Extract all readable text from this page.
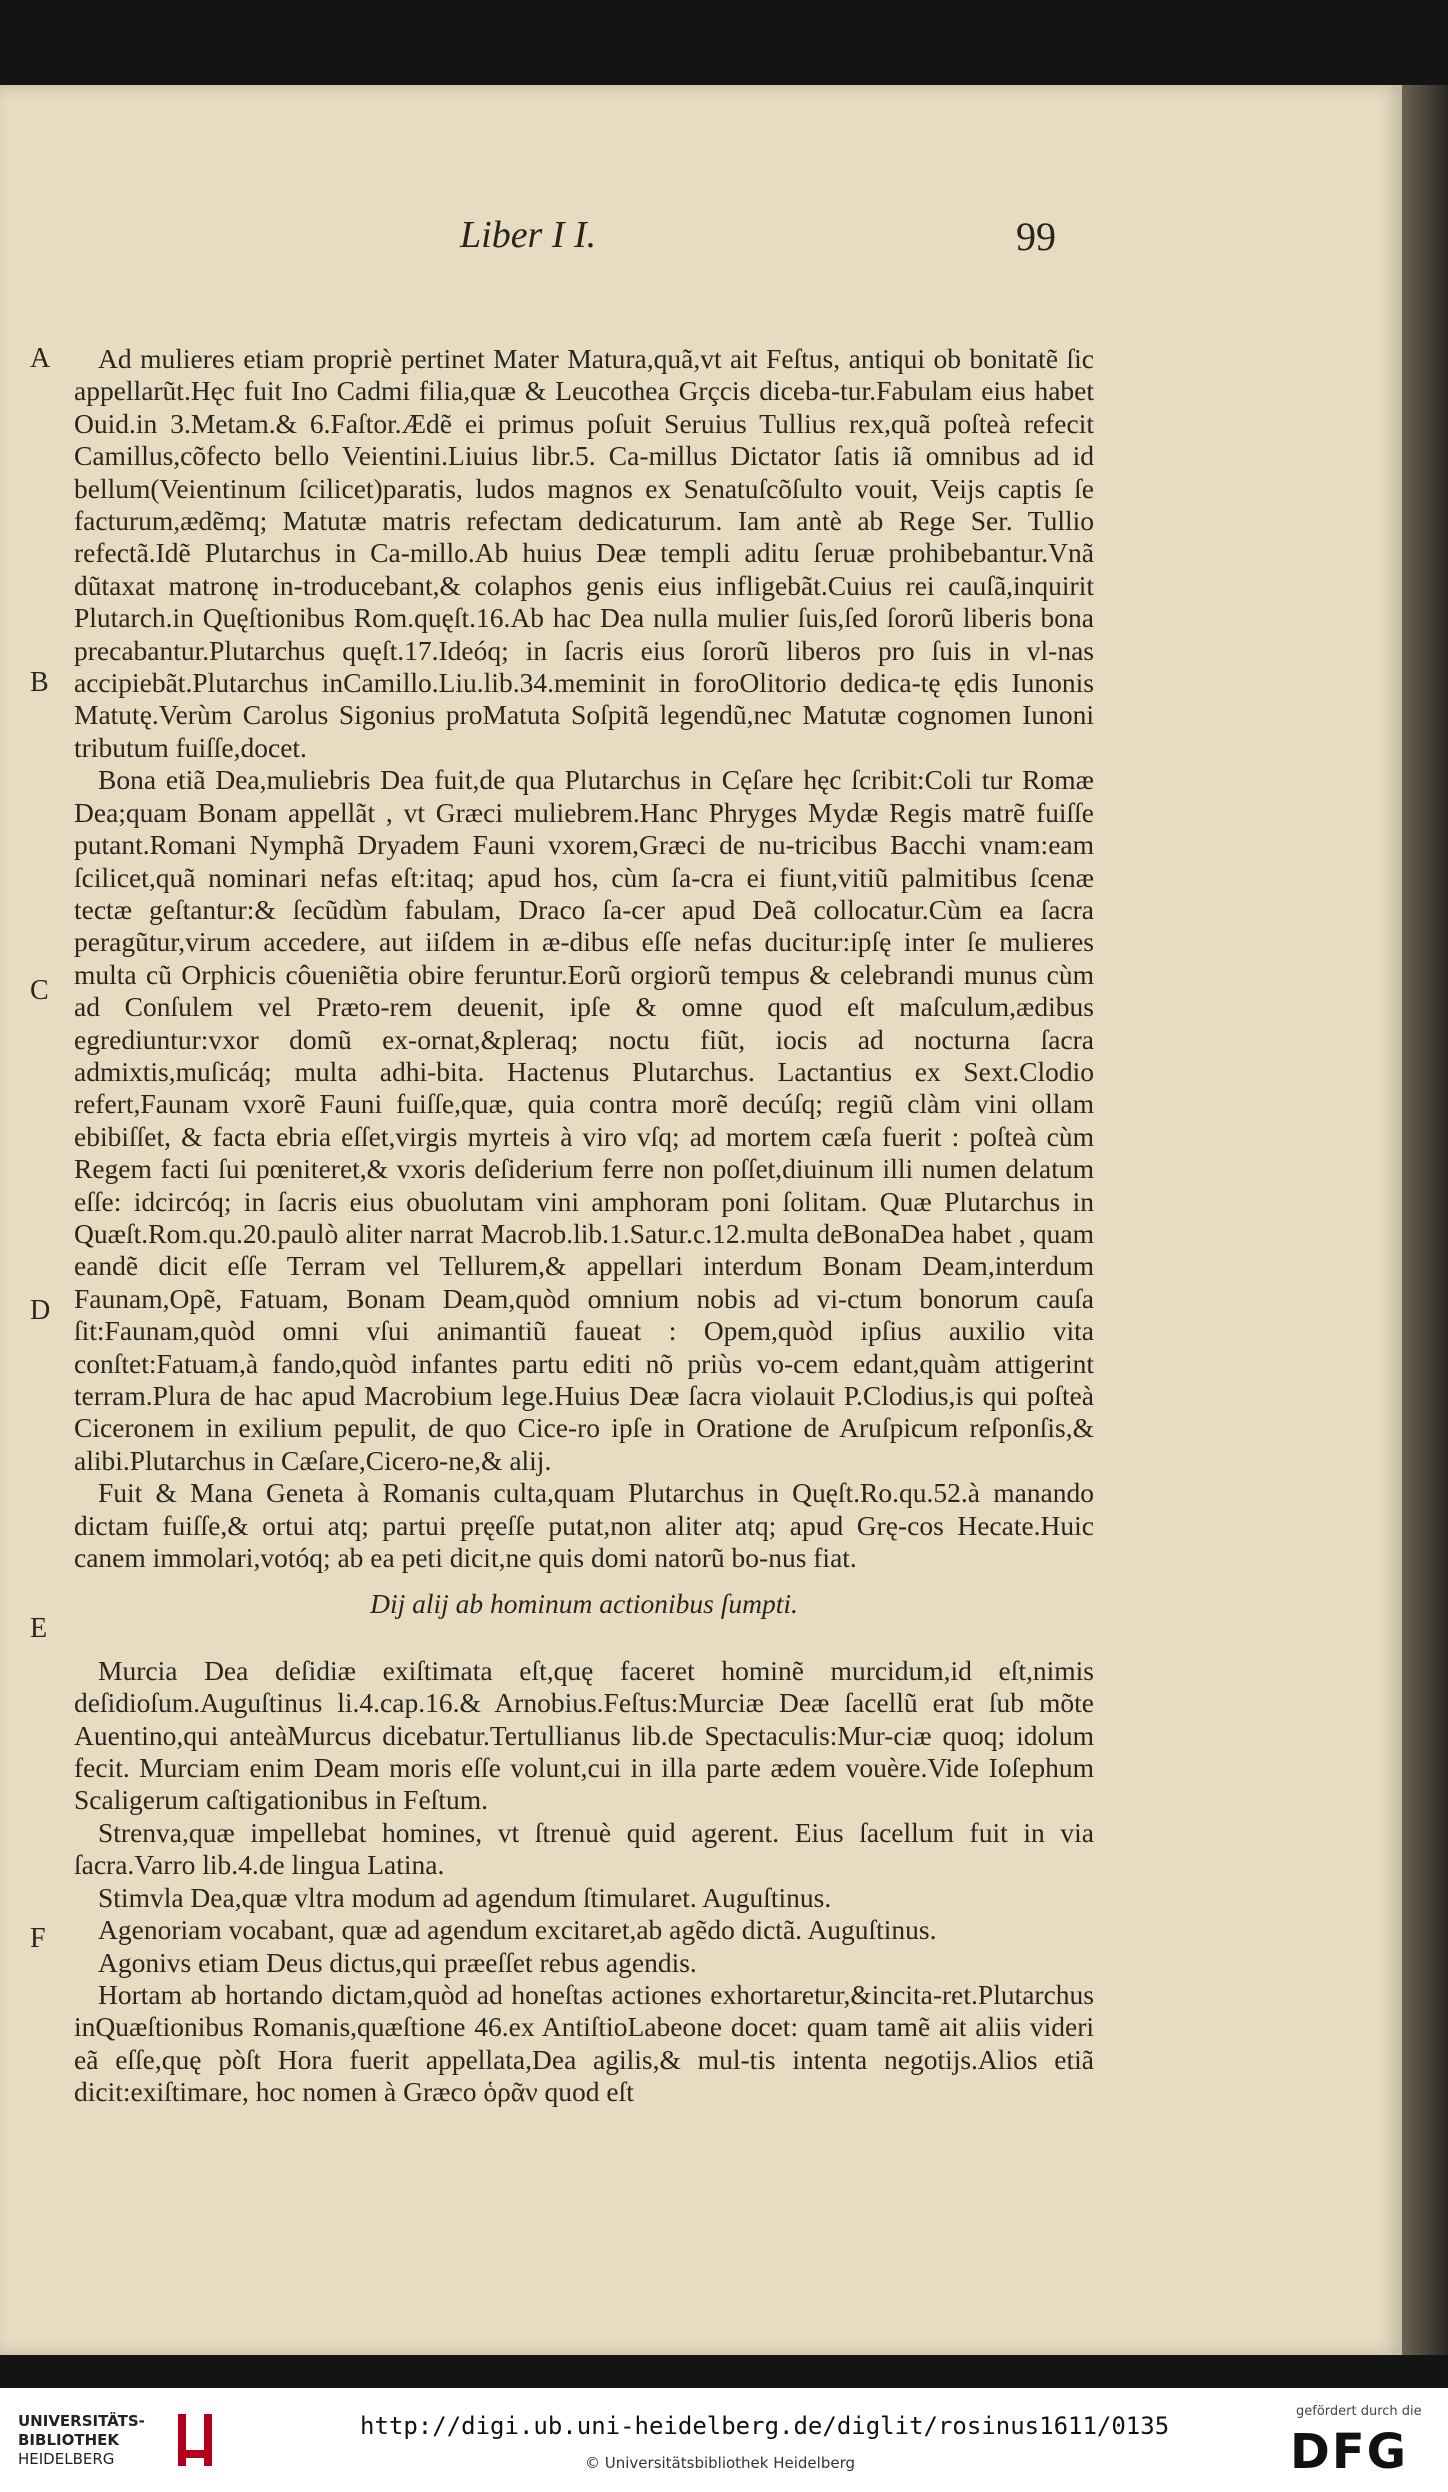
Liber I I.	99
A
B
C
D
E
F

Ad mulieres etiam propriè pertinet Mater Matura,quã,vt ait Feſtus, antiqui ob bonitatẽ ſic appellarũt.Hęc fuit Ino Cadmi filia,quæ & Leucothea Grçcis diceba-tur.Fabulam eius habet Ouid.in 3.Metam.& 6.Faſtor.Ædẽ ei primus poſuit Seruius Tullius rex,quã poſteà refecit Camillus,cõfecto bello Veientini.Liuius libr.5. Ca-millus Dictator ſatis iã omnibus ad id bellum(Veientinum ſcilicet)paratis, ludos magnos ex Senatuſcõſulto vouit, Veijs captis ſe facturum,ædẽmq; Matutæ matris refectam dedicaturum. Iam antè ab Rege Ser. Tullio refectã.Idẽ Plutarchus in Ca-millo.Ab huius Deæ templi aditu ſeruæ prohibebantur.Vnã dũtaxat matronę in-troducebant,& colaphos genis eius infligebãt.Cuius rei cauſã,inquirit Plutarch.in Quęſtionibus Rom.quęſt.16.Ab hac Dea nulla mulier ſuis,ſed ſororũ liberis bona precabantur.Plutarchus quęſt.17.Ideóq; in ſacris eius ſororũ liberos pro ſuis in vl-nas accipiebãt.Plutarchus inCamillo.Liu.lib.34.meminit in foroOlitorio dedica-tę ędis Iunonis Matutę.Verùm Carolus Sigonius proMatuta Soſpitã legendũ,nec Matutæ cognomen Iunoni tributum fuiſſe,docet.

Bona etiã Dea,muliebris Dea fuit,de qua Plutarchus in Cęſare hęc ſcribit:Coli tur Romæ Dea;quam Bonam appellãt , vt Græci muliebrem.Hanc Phryges Mydæ Regis matrẽ fuiſſe putant.Romani Nymphã Dryadem Fauni vxorem,Græci de nu-tricibus Bacchi vnam:eam ſcilicet,quã nominari nefas eſt:itaq; apud hos, cùm ſa-cra ei fiunt,vitiũ palmitibus ſcenæ tectæ geſtantur:& ſecũdùm fabulam, Draco ſa-cer apud Deã collocatur.Cùm ea ſacra peragũtur,virum accedere, aut iiſdem in æ-dibus eſſe nefas ducitur:ipſę inter ſe mulieres multa cũ Orphicis côueniẽtia obire feruntur.Eorũ orgiorũ tempus & celebrandi munus cùm ad Conſulem vel Præto-rem deuenit, ipſe & omne quod eſt maſculum,ædibus egrediuntur:vxor domũ ex-ornat,&pleraq; noctu fiũt, iocis ad nocturna ſacra admixtis,muſicáq; multa adhi-bita. Hactenus Plutarchus. Lactantius ex Sext.Clodio refert,Faunam vxorẽ Fauni fuiſſe,quæ, quia contra morẽ decúſq; regiũ clàm vini ollam ebibiſſet, & facta ebria eſſet,virgis myrteis à viro vſq; ad mortem cæſa fuerit : poſteà cùm Regem facti ſui pœniteret,& vxoris deſiderium ferre non poſſet,diuinum illi numen delatum eſſe: idcircóq; in ſacris eius obuolutam vini amphoram poni ſolitam. Quæ Plutarchus in Quæſt.Rom.qu.20.paulò aliter narrat Macrob.lib.1.Satur.c.12.multa deBonaDea habet , quam eandẽ dicit eſſe Terram vel Tellurem,& appellari interdum Bonam Deam,interdum Faunam,Opẽ, Fatuam, Bonam Deam,quòd omnium nobis ad vi-ctum bonorum cauſa ſit:Faunam,quòd omni vſui animantiũ faueat : Opem,quòd ipſius auxilio vita conſtet:Fatuam,à fando,quòd infantes partu editi nõ priùs vo-cem edant,quàm attigerint terram.Plura de hac apud Macrobium lege.Huius Deæ ſacra violauit P.Clodius,is qui poſteà Ciceronem in exilium pepulit, de quo Cice-ro ipſe in Oratione de Aruſpicum reſponſis,& alibi.Plutarchus in Cæſare,Cicero-ne,& alij.

Fuit & Mana Geneta à Romanis culta,quam Plutarchus in Quęſt.Ro.qu.52.à manando dictam fuiſſe,& ortui atq; partui pręeſſe putat,non aliter atq; apud Grę-cos Hecate.Huic canem immolari,votóq; ab ea peti dicit,ne quis domi natorũ bo-nus fiat.

Dij alij ab hominum actionibus ſumpti.

Murcia Dea deſidiæ exiſtimata eſt,quę faceret hominẽ murcidum,id eſt,nimis deſidioſum.Auguſtinus li.4.cap.16.& Arnobius.Feſtus:Murciæ Deæ ſacellũ erat ſub mõte Auentino,qui anteàMurcus dicebatur.Tertullianus lib.de Spectaculis:Mur-ciæ quoq; idolum fecit. Murciam enim Deam moris eſſe volunt,cui in illa parte ædem vouère.Vide Ioſephum Scaligerum caſtigationibus in Feſtum.

Strenva,quæ impellebat homines, vt ſtrenuè quid agerent. Eius ſacellum fuit in via ſacra.Varro lib.4.de lingua Latina.

Stimvla Dea,quæ vltra modum ad agendum ſtimularet. Auguſtinus.

Agenoriam vocabant, quæ ad agendum excitaret,ab agẽdo dictã. Auguſtinus.

Agonivs etiam Deus dictus,qui præeſſet rebus agendis.

Hortam ab hortando dictam,quòd ad honeſtas actiones exhortaretur,&incita-ret.Plutarchus inQuæſtionibus Romanis,quæſtione 46.ex AntiſtioLabeone docet: quam tamẽ ait aliis videri eã eſſe,quę pòſt Hora fuerit appellata,Dea agilis,& mul-tis intenta negotijs.Alios etiã dicit:exiſtimare, hoc nomen à Græco ὁρᾶν quod eſt

UNIVERSITÄTS-
BIBLIOTHEK
HEIDELBERG
http://digi.ub.uni-heidelberg.de/diglit/rosinus1611/0135
© Universitätsbibliothek Heidelberg
gefördert durch die
DFG
